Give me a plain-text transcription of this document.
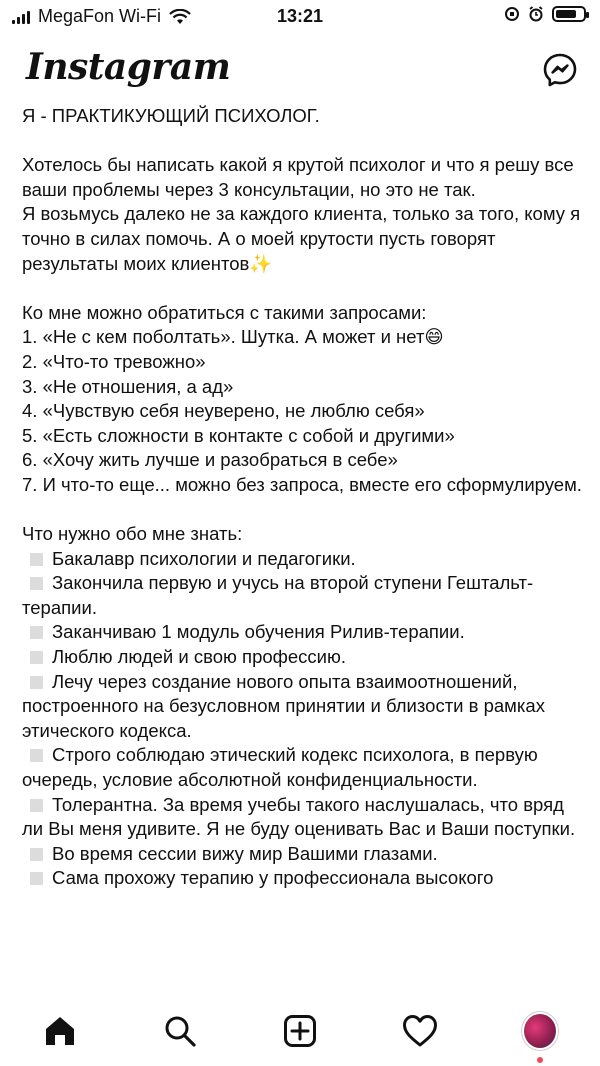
MegaFon Wi-Fi	13:21
Instagram

Я - ПРАКТИКУЮЩИЙ ПСИХОЛОГ.

Хотелось бы написать какой я крутой психолог и что я решу все ваши проблемы через 3 консультации, но это не так.

Я возьмусь далеко не за каждого клиента, только за того, кому я точно в силах помочь. А о моей крутости пусть говорят результаты моих клиентов✨

Ко мне можно обратиться с такими запросами:

1. «Не с кем поболтать». Шутка. А может и нет😄

2. «Что-то тревожно»

3. «Не отношения, а ад»

4. «Чувствую себя неуверено, не люблю себя»

5. «Есть сложности в контакте с собой и другими»

6. «Хочу жить лучше и разобраться в себе»

7. И что-то еще... можно без запроса, вместе его сформулируем.

Что нужно обо мне знать:

Бакалавр психологии и педагогики.

Закончила первую и учусь на второй ступени Гештальт-терапии.

Заканчиваю 1 модуль обучения Рилив-терапии.

Люблю людей и свою профессию.

Лечу через создание нового опыта взаимоотношений, построенного на безусловном принятии и близости в рамках этического кодекса.

Строго соблюдаю этический кодекс психолога, в первую очередь, условие абсолютной конфиденциальности.

Толерантна. За время учебы такого наслушалась, что вряд ли Вы меня удивите. Я не буду оценивать Вас и Ваши поступки.

Во время сессии вижу мир Вашими глазами.

Сама прохожу терапию у профессионала высокого
